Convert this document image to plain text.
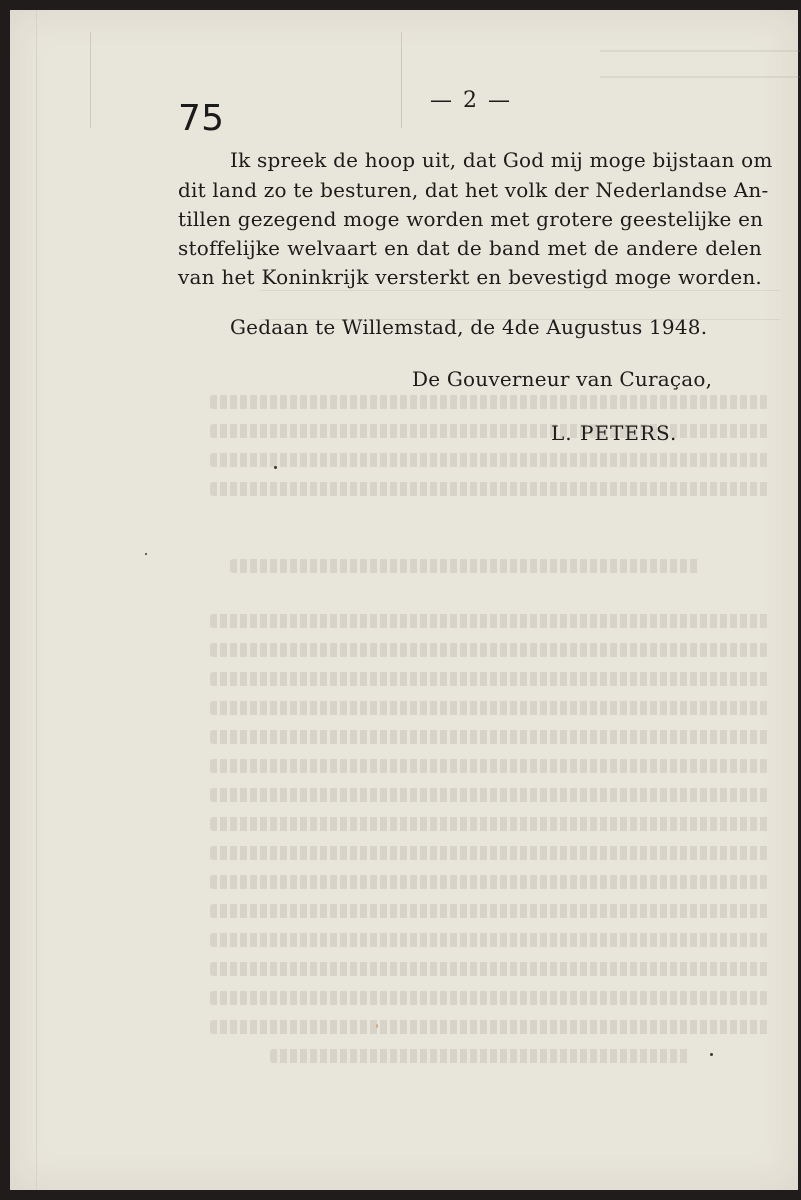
75	— 2 —
Ik spreek de hoop uit, dat God mij moge bijstaan om
dit land zo te besturen, dat het volk der Nederlandse An-
tillen gezegend moge worden met grotere geestelijke en
stoffelijke welvaart en dat de band met de andere delen
van het Koninkrijk versterkt en bevestigd moge worden.
Gedaan te Willemstad, de 4de Augustus 1948.
De Gouverneur van Curaçao,
L. PETERS.
